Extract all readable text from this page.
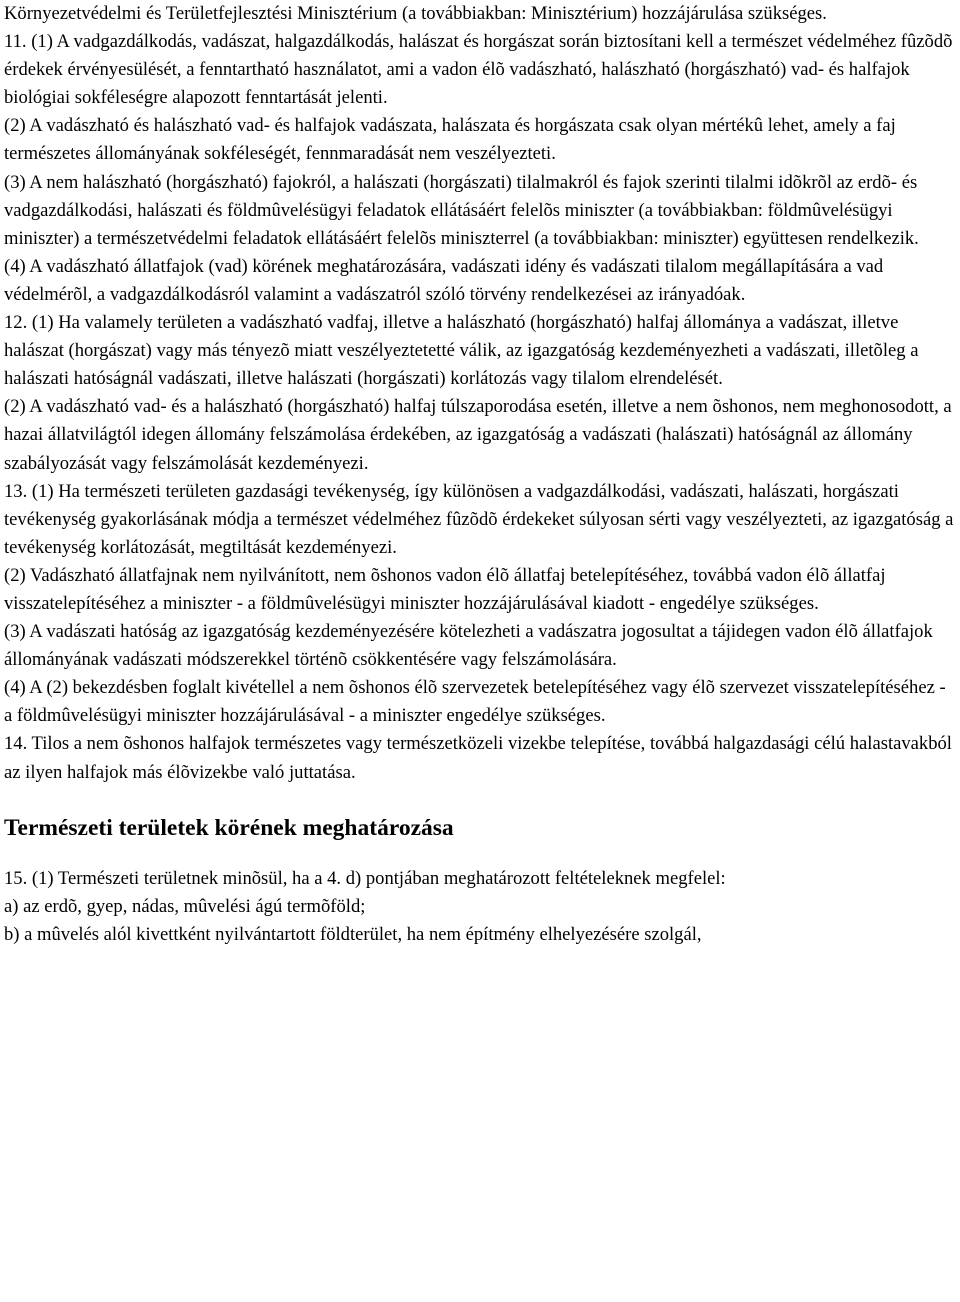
Környezetvédelmi és Területfejlesztési Minisztérium (a továbbiakban: Minisztérium) hozzájárulása szükséges.

11. (1) A vadgazdálkodás, vadászat, halgazdálkodás, halászat és horgászat során biztosítani kell a természet védelméhez fûzõdõ érdekek érvényesülését, a fenntartható használatot, ami a vadon élõ vadászható, halászható (horgászható) vad- és halfajok biológiai sokféleségre alapozott fenntartását jelenti.

(2) A vadászható és halászható vad- és halfajok vadászata, halászata és horgászata csak olyan mértékû lehet, amely a faj természetes állományának sokféleségét, fennmaradását nem veszélyezteti.

(3) A nem halászható (horgászható) fajokról, a halászati (horgászati) tilalmakról és fajok szerinti tilalmi idõkrõl az erdõ- és vadgazdálkodási, halászati és földmûvelésügyi feladatok ellátásáért felelõs miniszter (a továbbiakban: földmûvelésügyi miniszter) a természetvédelmi feladatok ellátásáért felelõs miniszterrel (a továbbiakban: miniszter) együttesen rendelkezik.

(4) A vadászható állatfajok (vad) körének meghatározására, vadászati idény és vadászati tilalom megállapítására a vad védelmérõl, a vadgazdálkodásról valamint a vadászatról szóló törvény rendelkezései az irányadóak.

12. (1) Ha valamely területen a vadászható vadfaj, illetve a halászható (horgászható) halfaj állománya a vadászat, illetve halászat (horgászat) vagy más tényezõ miatt veszélyeztetetté válik, az igazgatóság kezdeményezheti a vadászati, illetõleg a halászati hatóságnál vadászati, illetve halászati (horgászati) korlátozás vagy tilalom elrendelését.

(2) A vadászható vad- és a halászható (horgászható) halfaj túlszaporodása esetén, illetve a nem õshonos, nem meghonosodott, a hazai állatvilágtól idegen állomány felszámolása érdekében, az igazgatóság a vadászati (halászati) hatóságnál az állomány szabályozását vagy felszámolását kezdeményezi.

13. (1) Ha természeti területen gazdasági tevékenység, így különösen a vadgazdálkodási, vadászati, halászati, horgászati tevékenység gyakorlásának módja a természet védelméhez fûzõdõ érdekeket súlyosan sérti vagy veszélyezteti, az igazgatóság a tevékenység korlátozását, megtiltását kezdeményezi.

(2) Vadászható állatfajnak nem nyilvánított, nem õshonos vadon élõ állatfaj betelepítéséhez, továbbá vadon élõ állatfaj visszatelepítéséhez a miniszter - a földmûvelésügyi miniszter hozzájárulásával kiadott - engedélye szükséges.

(3) A vadászati hatóság az igazgatóság kezdeményezésére kötelezheti a vadászatra jogosultat a tájidegen vadon élõ állatfajok állományának vadászati módszerekkel történõ csökkentésére vagy felszámolására.

(4) A (2) bekezdésben foglalt kivétellel a nem õshonos élõ szervezetek betelepítéséhez vagy élõ szervezet visszatelepítéséhez - a földmûvelésügyi miniszter hozzájárulásával - a miniszter engedélye szükséges.

14. Tilos a nem õshonos halfajok természetes vagy természetközeli vizekbe telepítése, továbbá halgazdasági célú halastavakból az ilyen halfajok más élõvizekbe való juttatása.

Természeti területek körének meghatározása

15. (1) Természeti területnek minõsül, ha a 4. d) pontjában meghatározott feltételeknek megfelel:

a) az erdõ, gyep, nádas, mûvelési ágú termõföld;

b) a mûvelés alól kivettként nyilvántartott földterület, ha nem építmény elhelyezésére szolgál,
